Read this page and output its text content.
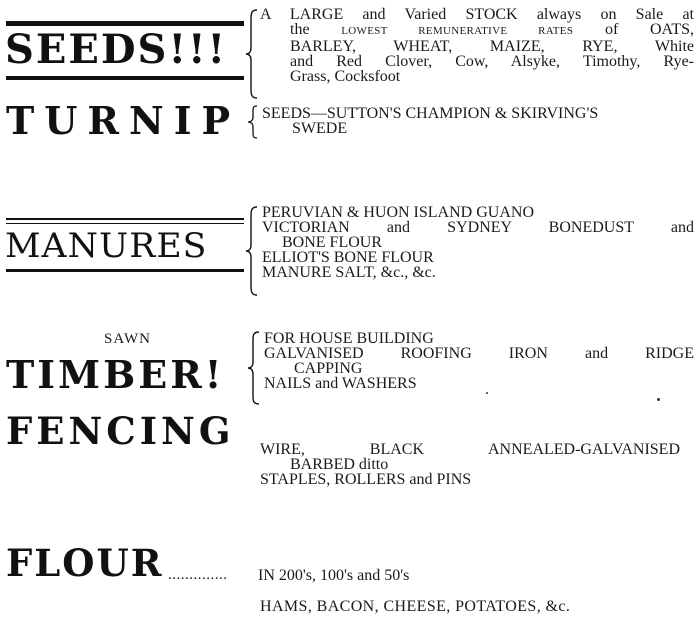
SEEDS!!!
A LARGE and Varied STOCK always on Sale at
the	LOWEST REMUNERATIVE RATES of OATS,
BARLEY, WHEAT, MAIZE, RYE, White
and Red Clover, Cow, Alsyke, Timothy, Rye-
Grass, Cocksfoot
TURNIP SEEDS—SUTTON'S CHAMPION & SKIRVING'S
SWEDE
MANURES
PERUVIAN & HUON ISLAND GUANO
VICTORIAN and SYDNEY BONEDUST and
BONE FLOUR
ELLIOT'S BONE FLOUR
MANURE SALT, &c., &c.
SAWN
TIMBER!
FOR HOUSE BUILDING
GALVANISED ROOFING IRON and RIDGE
CAPPING
NAILS and WASHERS
FENCING WIRE, BLACK ANNEALED-GALVANISED
BARBED ditto
STAPLES, ROLLERS and PINS
FLOUR .............. IN 200's, 100's and 50's
HAMS, BACON, CHEESE, POTATOES, &c.
